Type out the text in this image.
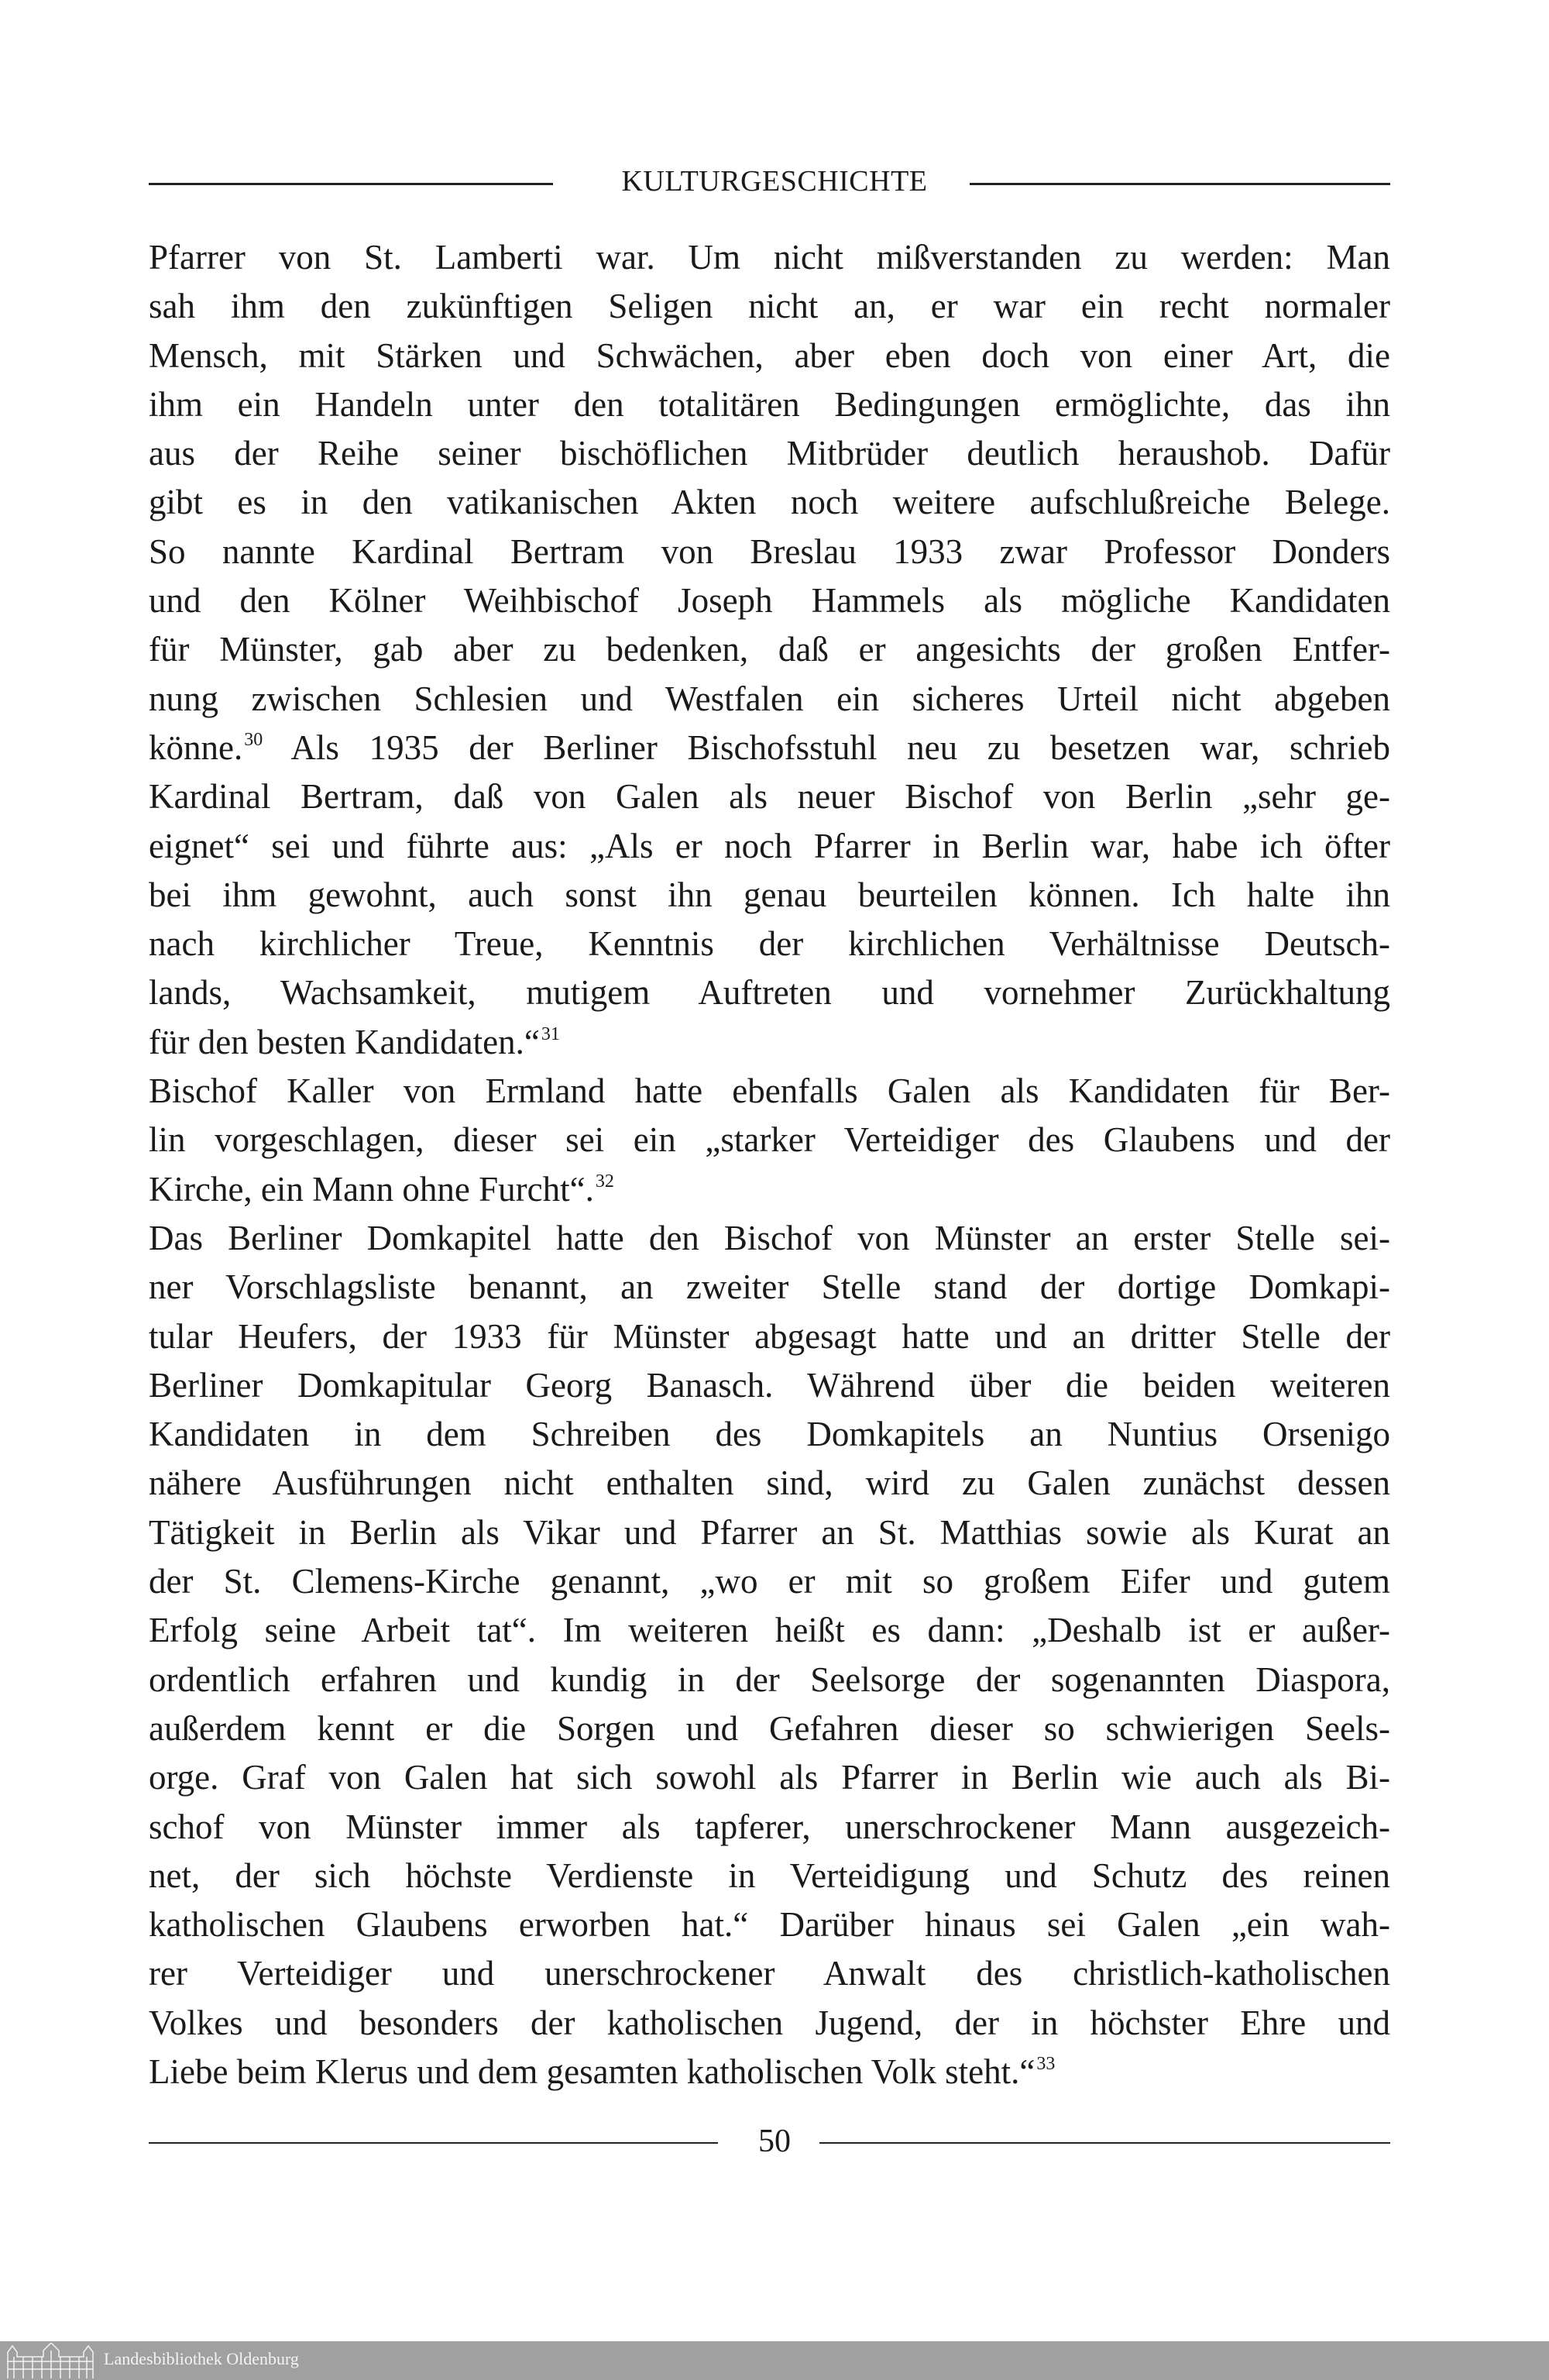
KULTURGESCHICHTE
Pfarrer von St. Lamberti war. Um nicht mißverstanden zu werden: Man
sah ihm den zukünftigen Seligen nicht an, er war ein recht normaler
Mensch, mit Stärken und Schwächen, aber eben doch von einer Art, die
ihm ein Handeln unter den totalitären Bedingungen ermöglichte, das ihn
aus der Reihe seiner bischöflichen Mitbrüder deutlich heraushob. Dafür
gibt es in den vatikanischen Akten noch weitere aufschlußreiche Belege.
So nannte Kardinal Bertram von Breslau 1933 zwar Professor Donders
und den Kölner Weihbischof Joseph Hammels als mögliche Kandidaten
für Münster, gab aber zu bedenken, daß er angesichts der großen Entfer-
nung zwischen Schlesien und Westfalen ein sicheres Urteil nicht abgeben
könne.$^{30}$ Als 1935 der Berliner Bischofsstuhl neu zu besetzen war, schrieb
Kardinal Bertram, daß von Galen als neuer Bischof von Berlin „sehr ge-
eignet“ sei und führte aus: „Als er noch Pfarrer in Berlin war, habe ich öfter
bei ihm gewohnt, auch sonst ihn genau beurteilen können. Ich halte ihn
nach kirchlicher Treue, Kenntnis der kirchlichen Verhältnisse Deutsch-
lands, Wachsamkeit, mutigem Auftreten und vornehmer Zurückhaltung
für den besten Kandidaten.“$^{31}$
Bischof Kaller von Ermland hatte ebenfalls Galen als Kandidaten für Ber-
lin vorgeschlagen, dieser sei ein „starker Verteidiger des Glaubens und der
Kirche, ein Mann ohne Furcht“.$^{32}$
Das Berliner Domkapitel hatte den Bischof von Münster an erster Stelle sei-
ner Vorschlagsliste benannt, an zweiter Stelle stand der dortige Domkapi-
tular Heufers, der 1933 für Münster abgesagt hatte und an dritter Stelle der
Berliner Domkapitular Georg Banasch. Während über die beiden weiteren
Kandidaten in dem Schreiben des Domkapitels an Nuntius Orsenigo
nähere Ausführungen nicht enthalten sind, wird zu Galen zunächst dessen
Tätigkeit in Berlin als Vikar und Pfarrer an St. Matthias sowie als Kurat an
der St. Clemens-Kirche genannt, „wo er mit so großem Eifer und gutem
Erfolg seine Arbeit tat“. Im weiteren heißt es dann: „Deshalb ist er außer-
ordentlich erfahren und kundig in der Seelsorge der sogenannten Diaspora,
außerdem kennt er die Sorgen und Gefahren dieser so schwierigen Seels-
orge. Graf von Galen hat sich sowohl als Pfarrer in Berlin wie auch als Bi-
schof von Münster immer als tapferer, unerschrockener Mann ausgezeich-
net, der sich höchste Verdienste in Verteidigung und Schutz des reinen
katholischen Glaubens erworben hat.“ Darüber hinaus sei Galen „ein wah-
rer Verteidiger und unerschrockener Anwalt des christlich-katholischen
Volkes und besonders der katholischen Jugend, der in höchster Ehre und
Liebe beim Klerus und dem gesamten katholischen Volk steht.“$^{33}$
50
Landesbibliothek Oldenburg
